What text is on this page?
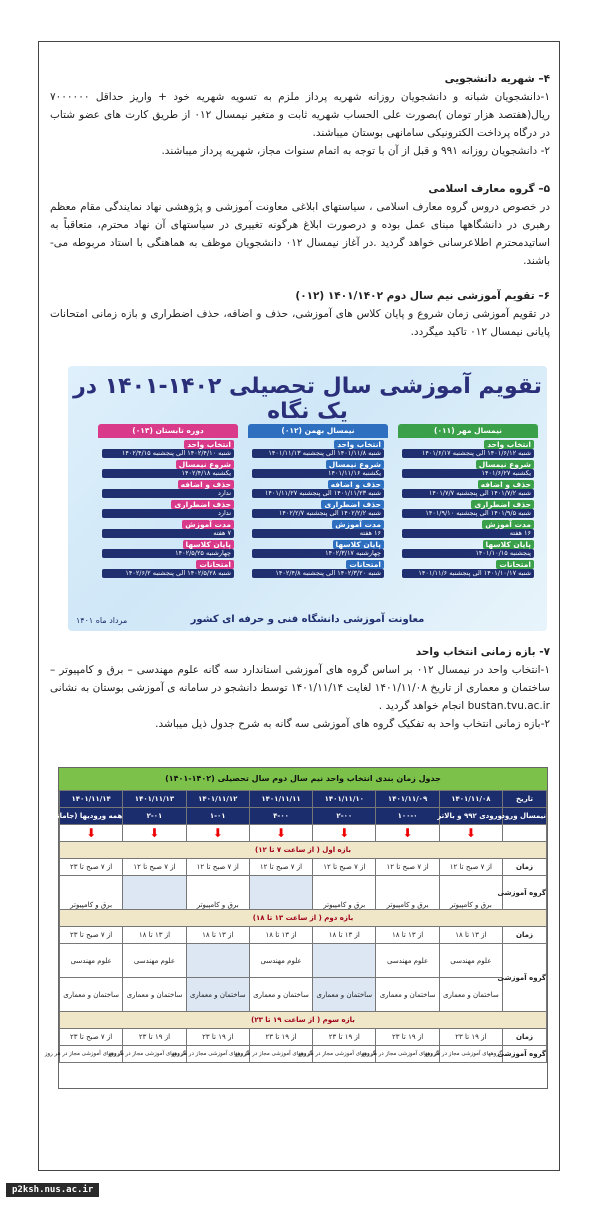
۴– شهریه دانشجویی
۱-دانشجویان شبانه و دانشجویان روزانه شهریه پرداز ملزم به تسویه شهریه خود + واریز حداقل ۷۰۰۰۰۰۰ ریال(هفتصد هزار تومان )بصورت علی الحساب شهریه ثابت و متغیر نیمسال ۰۱۲ از طریق کارت های عضو شتاب در درگاه پرداخت الکترونیکی سامانهی بوستان میباشند.
۲- دانشجویان روزانه ۹۹۱ و قبل از آن با توجه به اتمام سنوات مجاز، شهریه پرداز میباشند.
۵– گروه معارف اسلامی
در خصوص دروس گروه معارف اسلامی ، سیاستهای ابلاغی معاونت آموزشی و پژوهشی نهاد نمایندگی مقام معظم رهبری در دانشگاهها مبنای عمل بوده و درصورت ابلاغ هرگونه تغییری در سیاستهای آن نهاد محترم، متعاقباً به اساتیدمحترم اطلاعرسانی خواهد گردید .در آغاز نیمسال ۰۱۲ دانشجویان موظف به هماهنگی با استاد مربوطه می- باشند.
۶– تقویم آموزشی نیم سال دوم ۱۴۰۱/۱۴۰۲ (۰۱۲)
در تقویم آموزشی زمان شروع و پایان کلاس های آموزشی، حذف و اضافه، حذف اضطراری و بازه زمانی امتحانات پایانی نیمسال ۰۱۲ تاکید میگردد.
تقویم آموزشی سال تحصیلی ۱۴۰۲-۱۴۰۱ در یک نگاه
نیمسال مهر (۰۱۱)
انتخاب واحد
شنبه ۱۴۰۱/۶/۱۲ الی پنجشنبه ۱۴۰۱/۶/۱۷
شروع نیمسال
یکشنبه ۱۴۰۱/۶/۲۷
حذف و اضافه
شنبه ۱۴۰۱/۷/۲ الی پنجشنبه ۱۴۰۱/۷/۷
حذف اضطراری
شنبه ۱۴۰۱/۹/۵ الی پنجشنبه ۱۴۰۱/۹/۱۰
مدت آموزش
۱۶ هفته
پایان کلاسها
پنجشنبه ۱۴۰۱/۱۰/۱۵
امتحانات
شنبه ۱۴۰۱/۱۰/۱۷ الی پنجشنبه ۱۴۰۱/۱۱/۶
نیمسال بهمن (۰۱۲)
انتخاب واحد
شنبه ۱۴۰۱/۱۱/۸ الی پنجشنبه ۱۴۰۱/۱۱/۱۳
شروع نیمسال
یکشنبه ۱۴۰۱/۱۱/۱۶
حذف و اضافه
شنبه ۱۴۰۱/۱۱/۲۳ الی پنجشنبه ۱۴۰۱/۱۱/۲۷
حذف اضطراری
شنبه ۱۴۰۲/۲/۲ الی پنجشنبه ۱۴۰۲/۲/۷
مدت آموزش
۱۶ هفته
پایان کلاسها
چهارشنبه ۱۴۰۲/۳/۱۷
امتحانات
شنبه ۱۴۰۲/۳/۲۰ الی پنجشنبه ۱۴۰۲/۴/۸
دوره تابستان (۰۱۳)
انتخاب واحد
شنبه ۱۴۰۲/۴/۱۰ الی پنجشنبه ۱۴۰۲/۴/۱۵
شروع نیمسال
یکشنبه ۱۴۰۲/۴/۱۸
حذف و اضافه
ندارد
حذف اضطراری
ندارد
مدت آموزش
۷ هفته
پایان کلاسها
چهارشنبه ۱۴۰۲/۵/۲۵
امتحانات
شنبه ۱۴۰۲/۵/۲۸ الی پنجشنبه ۱۴۰۲/۶/۲
معاونت آموزشی دانشگاه فنی و حرفه ای کشور
مرداد ماه ۱۴۰۱
۷- بازه زمانی انتخاب واحد
۱-انتخاب واحد در نیمسال ۰۱۲ بر اساس گروه های آموزشی استاندارد سه گانه علوم مهندسی – برق و کامپیوتر – ساختمان و معماری از تاریخ ۱۴۰۱/۱۱/۰۸ لغایت ۱۴۰۱/۱۱/۱۴ توسط دانشجو در سامانه ی آموزشی بوستان به نشانی bustan.tvu.ac.ir انجام خواهد گردید .
۲-بازه زمانی انتخاب واحد به تفکیک گروه های آموزشی سه گانه به شرح جدول ذیل میباشد.
جدول زمان بندی انتخاب واحد نیم سال دوم سال تحصیلی (۱۴۰۲-۱۴۰۱)
تاریخ	۱۴۰۱/۱۱/۰۸	۱۴۰۱/۱۱/۰۹	۱۴۰۱/۱۱/۱۰	۱۴۰۱/۱۱/۱۱	۱۴۰۱/۱۱/۱۲	۱۴۰۱/۱۱/۱۳	۱۴۰۱/۱۱/۱۴
نیمسال ورود	ورودی ۹۹۲ و بالاتر	۱۰۰-۰	۲-۰۰	۴-۰۰	۱-۰۱	۲-۰۱	همه ورودیها (جامانده)
	⬇	⬇	⬇	⬇	⬇	⬇	⬇
بازه اول ( از ساعت ۷ تا ۱۲)							
زمان	از ۷ صبح تا ۱۲	از ۷ صبح تا ۱۲	از ۷ صبح تا ۱۲	از ۷ صبح تا ۱۲	از ۷ صبح تا ۱۲	از ۷ صبح تا ۱۲	از ۷ صبح تا ۲۳
گروه آموزشی	برق و کامپیوتر	برق و کامپیوتر	برق و کامپیوتر		برق و کامپیوتر		برق و کامپیوتر
بازه دوم ( از ساعت ۱۳ تا ۱۸)							
زمان	از ۱۳ تا ۱۸	از ۱۳ تا ۱۸	از ۱۳ تا ۱۸	از ۱۳ تا ۱۸	از ۱۳ تا ۱۸	از ۱۳ تا ۱۸	از ۷ صبح تا ۲۳
گروه آموزشی	علوم مهندسی	علوم مهندسی		علوم مهندسی		علوم مهندسی	علوم مهندسی
	ساختمان و معماری	ساختمان و معماری	ساختمان و معماری	ساختمان و معماری	ساختمان و معماری	ساختمان و معماری	ساختمان و معماری
بازه سوم ( از ساعت ۱۹ تا ۲۳)							
زمان	از ۱۹ تا ۲۳	از ۱۹ تا ۲۳	از ۱۹ تا ۲۳	از ۱۹ تا ۲۳	از ۱۹ تا ۲۳	از ۱۹ تا ۲۳	از ۷ صبح تا ۲۳
گروه آموزشی	گروههای آموزشی مجاز در هر روز	گروههای آموزشی مجاز در هر روز	گروههای آموزشی مجاز در هر روز	گروههای آموزشی مجاز در هر روز	گروههای آموزشی مجاز در هر روز	گروههای آموزشی مجاز در هر روز	گروههای آموزشی مجاز در هر روز
p2ksh.nus.ac.ir
